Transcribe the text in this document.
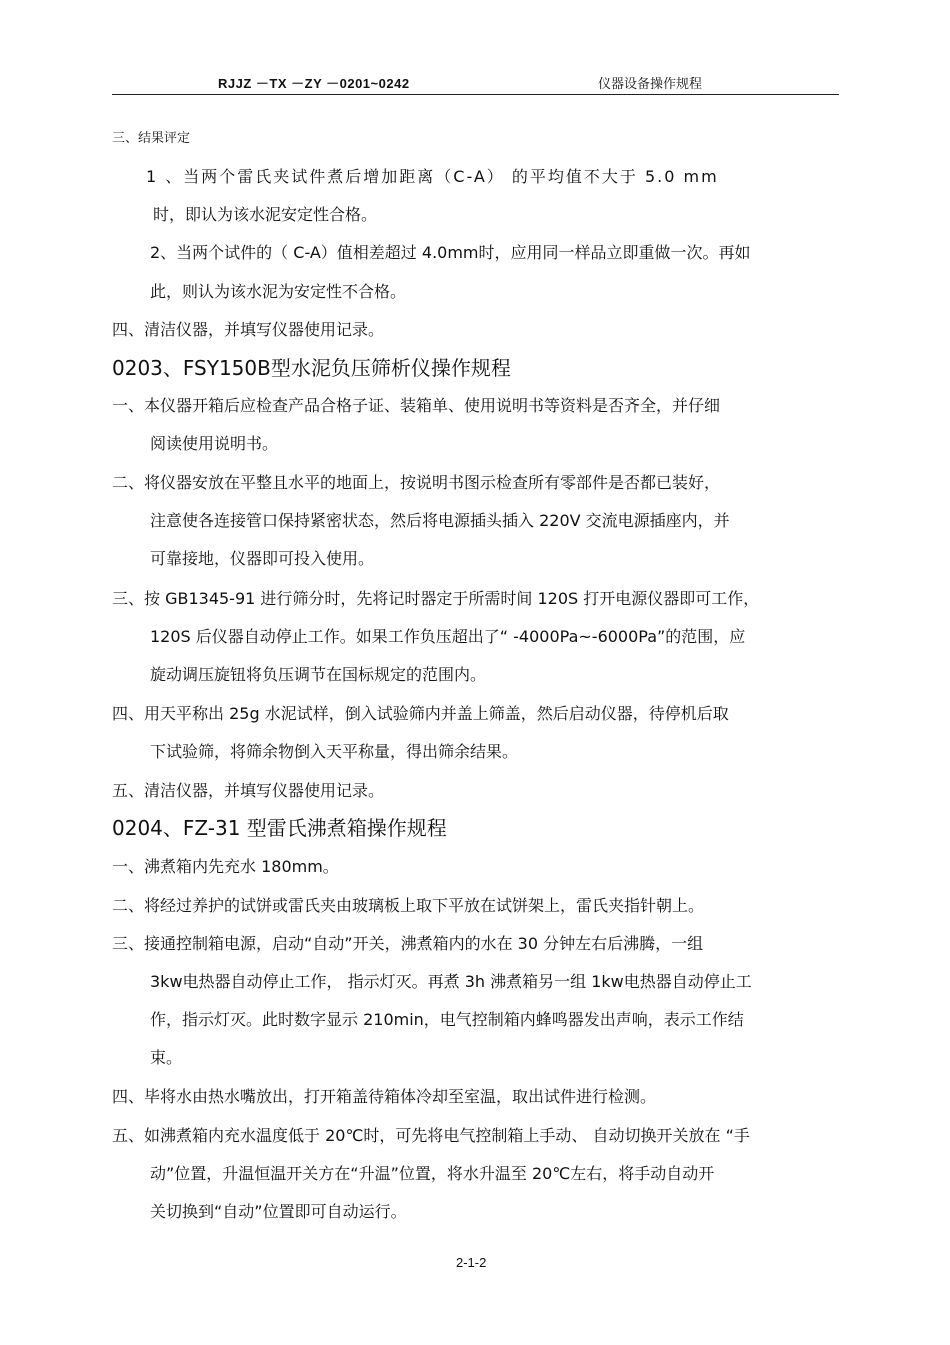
RJJZ －TX －ZY －0201~0242	仪器设备操作规程
三、结果评定
1 、当两个雷氏夹试件煮后增加距离（C-A） 的平均值不大于 5.0 mm
时，即认为该水泥安定性合格。
2、当两个试件的（ C-A）值相差超过 4.0mm时，应用同一样品立即重做一次。再如
此，则认为该水泥为安定性不合格。
四、清洁仪器，并填写仪器使用记录。
0203、FSY150B型水泥负压筛析仪操作规程
一、本仪器开箱后应检查产品合格子证、装箱单、使用说明书等资料是否齐全，并仔细
阅读使用说明书。
二、将仪器安放在平整且水平的地面上，按说明书图示检查所有零部件是否都已装好，
注意使各连接管口保持紧密状态，然后将电源插头插入 220V 交流电源插座内，并
可靠接地，仪器即可投入使用。
三、按 GB1345-91 进行筛分时，先将记时器定于所需时间 120S 打开电源仪器即可工作，
120S 后仪器自动停止工作。如果工作负压超出了“ -4000Pa~-6000Pa”的范围，应
旋动调压旋钮将负压调节在国标规定的范围内。
四、用天平称出 25g 水泥试样，倒入试验筛内并盖上筛盖，然后启动仪器，待停机后取
下试验筛，将筛余物倒入天平称量，得出筛余结果。
五、清洁仪器，并填写仪器使用记录。
0204、FZ-31 型雷氏沸煮箱操作规程
一、沸煮箱内先充水 180mm。
二、将经过养护的试饼或雷氏夹由玻璃板上取下平放在试饼架上，雷氏夹指针朝上。
三、接通控制箱电源，启动“自动”开关，沸煮箱内的水在 30 分钟左右后沸腾，一组
3kw电热器自动停止工作， 指示灯灭。再煮 3h 沸煮箱另一组 1kw电热器自动停止工
作，指示灯灭。此时数字显示 210min，电气控制箱内蜂鸣器发出声响，表示工作结
束。
四、毕将水由热水嘴放出，打开箱盖待箱体冷却至室温，取出试件进行检测。
五、如沸煮箱内充水温度低于 20℃时，可先将电气控制箱上手动、 自动切换开关放在 “手
动”位置，升温恒温开关方在“升温”位置，将水升温至 20℃左右，将手动自动开
关切换到“自动”位置即可自动运行。
2-1-2
